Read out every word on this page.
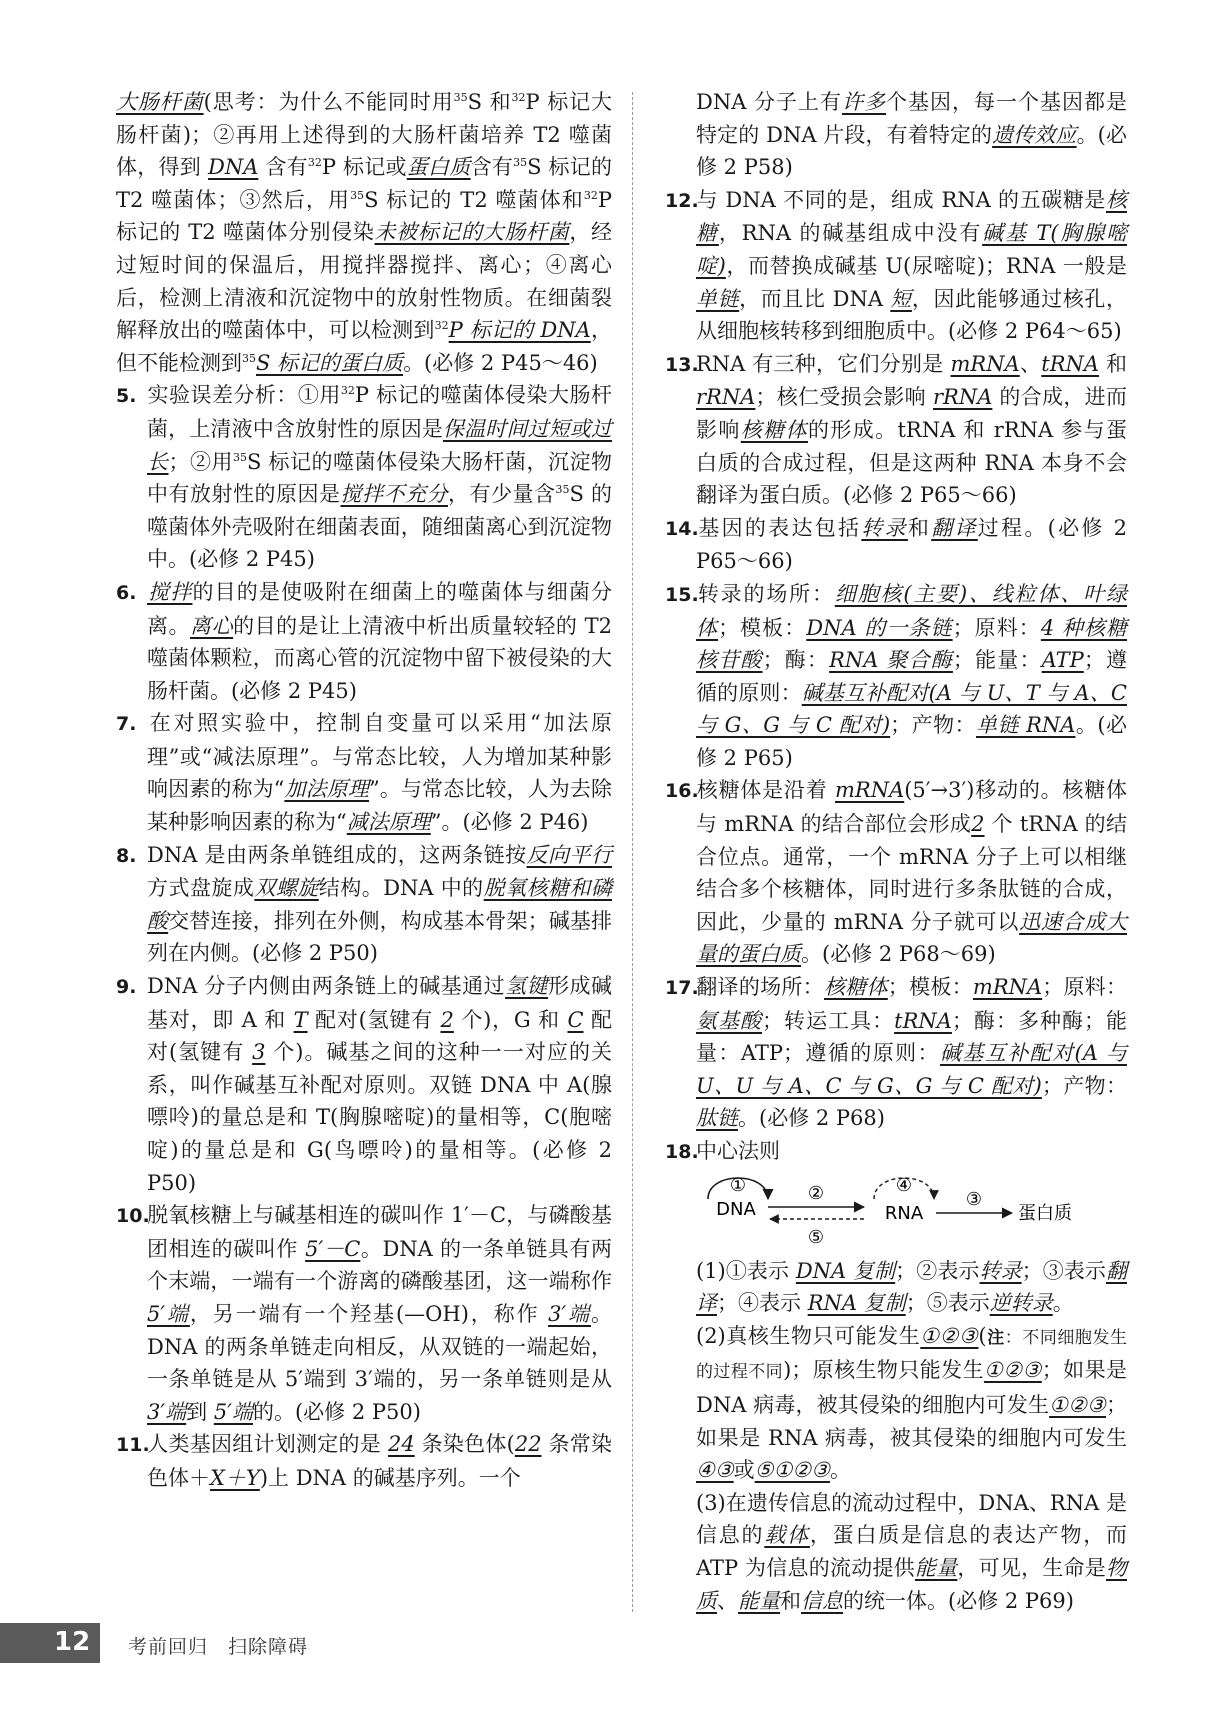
大肠杆菌(思考：为什么不能同时用$^{35}$S 和$^{32}$P 标记大肠杆菌)；②再用上述得到的大肠杆菌培养 T2 噬菌体，得到 DNA 含有$^{32}$P 标记或蛋白质含有$^{35}$S 标记的 T2 噬菌体；③然后，用$^{35}$S 标记的 T2 噬菌体和$^{32}$P 标记的 T2 噬菌体分别侵染未被标记的大肠杆菌，经过短时间的保温后，用搅拌器搅拌、离心；④离心后，检测上清液和沉淀物中的放射性物质。在细菌裂解释放出的噬菌体中，可以检测到$^{32}$P 标记的 DNA，但不能检测到$^{35}$S 标记的蛋白质。(必修 2 P45～46)

5. 实验误差分析：①用$^{32}$P 标记的噬菌体侵染大肠杆菌，上清液中含放射性的原因是保温时间过短或过长；②用$^{35}$S 标记的噬菌体侵染大肠杆菌，沉淀物中有放射性的原因是搅拌不充分，有少量含$^{35}$S 的噬菌体外壳吸附在细菌表面，随细菌离心到沉淀物中。(必修 2 P45)

6. 搅拌的目的是使吸附在细菌上的噬菌体与细菌分离。离心的目的是让上清液中析出质量较轻的 T2 噬菌体颗粒，而离心管的沉淀物中留下被侵染的大肠杆菌。(必修 2 P45)

7. 在对照实验中，控制自变量可以采用“加法原理”或“减法原理”。与常态比较，人为增加某种影响因素的称为“加法原理”。与常态比较，人为去除某种影响因素的称为“减法原理”。(必修 2 P46)

8. DNA 是由两条单链组成的，这两条链按反向平行方式盘旋成双螺旋结构。DNA 中的脱氧核糖和磷酸交替连接，排列在外侧，构成基本骨架；碱基排列在内侧。(必修 2 P50)

9. DNA 分子内侧由两条链上的碱基通过氢键形成碱基对，即 A 和 T 配对(氢键有 2 个)，G 和 C 配对(氢键有 3 个)。碱基之间的这种一一对应的关系，叫作碱基互补配对原则。双链 DNA 中 A(腺嘌呤)的量总是和 T(胸腺嘧啶)的量相等，C(胞嘧啶)的量总是和 G(鸟嘌呤)的量相等。(必修 2 P50)

10.脱氧核糖上与碱基相连的碳叫作 1′－C，与磷酸基团相连的碳叫作 5′－C。DNA 的一条单链具有两个末端，一端有一个游离的磷酸基团，这一端称作 5′端，另一端有一个羟基(—OH)，称作 3′端。DNA 的两条单链走向相反，从双链的一端起始，一条单链是从 5′端到 3′端的，另一条单链则是从 3′端到 5′端的。(必修 2 P50)

11.人类基因组计划测定的是 24 条染色体(22 条常染色体＋X＋Y)上 DNA 的碱基序列。一个

DNA 分子上有许多个基因，每一个基因都是特定的 DNA 片段，有着特定的遗传效应。(必修 2 P58)

12.与 DNA 不同的是，组成 RNA 的五碳糖是核糖，RNA 的碱基组成中没有碱基 T(胸腺嘧啶)，而替换成碱基 U(尿嘧啶)；RNA 一般是单链，而且比 DNA 短，因此能够通过核孔，从细胞核转移到细胞质中。(必修 2 P64～65)

13.RNA 有三种，它们分别是 mRNA、tRNA 和 rRNA；核仁受损会影响 rRNA 的合成，进而影响核糖体的形成。tRNA 和 rRNA 参与蛋白质的合成过程，但是这两种 RNA 本身不会翻译为蛋白质。(必修 2 P65～66)

14.基因的表达包括转录和翻译过程。(必修 2 P65～66)

15.转录的场所：细胞核(主要)、线粒体、叶绿体；模板：DNA 的一条链；原料：4 种核糖核苷酸；酶：RNA 聚合酶；能量：ATP；遵循的原则：碱基互补配对(A 与 U、T 与 A、C 与 G、G 与 C 配对)；产物：单链 RNA。(必修 2 P65)

16.核糖体是沿着 mRNA(5′→3′)移动的。核糖体与 mRNA 的结合部位会形成2 个 tRNA 的结合位点。通常，一个 mRNA 分子上可以相继结合多个核糖体，同时进行多条肽链的合成，因此，少量的 mRNA 分子就可以迅速合成大量的蛋白质。(必修 2 P68～69)

17.翻译的场所：核糖体；模板：mRNA；原料：氨基酸；转运工具：tRNA；酶：多种酶；能量：ATP；遵循的原则：碱基互补配对(A 与 U、U 与 A、C 与 G、G 与 C 配对)；产物：肽链。(必修 2 P68)

18.中心法则

①
DNA
②
⑤
④
RNA
③
蛋白质

(1)①表示 DNA 复制；②表示转录；③表示翻译；④表示 RNA 复制；⑤表示逆转录。

(2)真核生物只可能发生①②③(注：不同细胞发生的过程不同)；原核生物只能发生①②③；如果是 DNA 病毒，被其侵染的细胞内可发生①②③；如果是 RNA 病毒，被其侵染的细胞内可发生④③或⑤①②③。

(3)在遗传信息的流动过程中，DNA、RNA 是信息的载体，蛋白质是信息的表达产物，而 ATP 为信息的流动提供能量，可见，生命是物质、能量和信息的统一体。(必修 2 P69)

12 考前回归　扫除障碍
